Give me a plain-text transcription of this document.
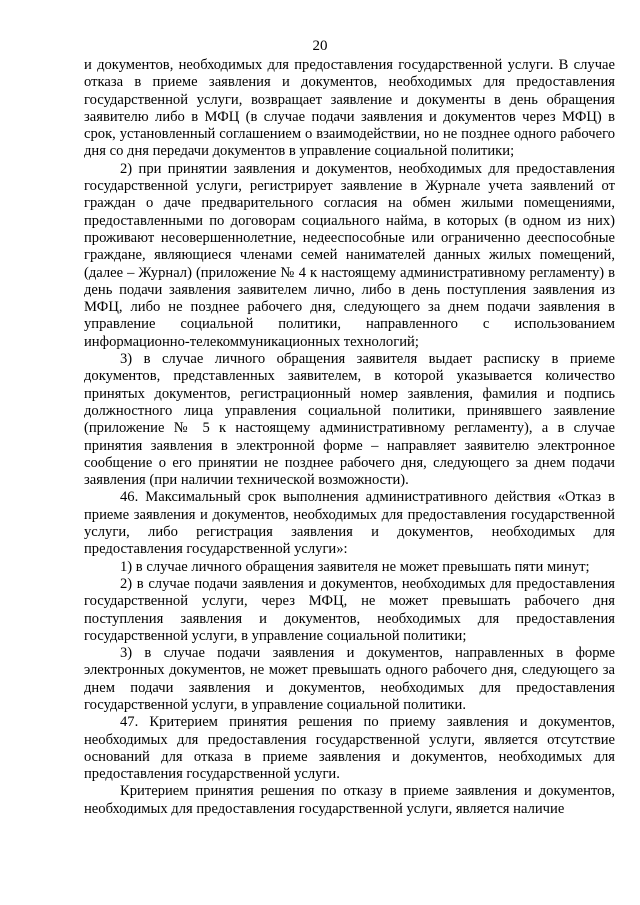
20

и документов, необходимых для предоставления государственной услуги. В случае отказа в приеме заявления и документов, необходимых для предоставления государственной услуги, возвращает заявление и документы в день обращения заявителю либо в МФЦ (в случае подачи заявления и документов через МФЦ) в срок, установленный соглашением о взаимодействии, но не позднее одного рабочего дня со дня передачи документов в управление социальной политики;

2) при принятии заявления и документов, необходимых для предоставления государственной услуги, регистрирует заявление в Журнале учета заявлений от граждан о даче предварительного согласия на обмен жилыми помещениями, предоставленными по договорам социального найма, в которых (в одном из них) проживают несовершеннолетние, недееспособные или ограниченно дееспособные граждане, являющиеся членами семей нанимателей данных жилых помещений,(далее – Журнал) (приложение № 4 к настоящему административному регламенту) в день подачи заявления заявителем лично, либо в день поступления заявления из МФЦ, либо не позднее рабочего дня, следующего за днем подачи заявления в управление социальной политики, направленного с использованием информационно-телекоммуникационных технологий;

3) в случае личного обращения заявителя выдает расписку в приеме документов, представленных заявителем, в которой указывается количество принятых документов, регистрационный номер заявления, фамилия и подпись должностного лица управления социальной политики, принявшего заявление (приложение № 5 к настоящему административному регламенту), а в случае принятия заявления в электронной форме – направляет заявителю электронное сообщение о его принятии не позднее рабочего дня, следующего за днем подачи заявления (при наличии технической возможности).

46. Максимальный срок выполнения административного действия «Отказ в приеме заявления и документов, необходимых для предоставления государственной услуги, либо регистрация заявления и документов, необходимых для предоставления государственной услуги»:

1) в случае личного обращения заявителя не может превышать пяти минут;

2) в случае подачи заявления и документов, необходимых для предоставления государственной услуги, через МФЦ, не может превышать рабочего дня поступления заявления и документов, необходимых для предоставления государственной услуги, в управление социальной политики;

3) в случае подачи заявления и документов, направленных в форме электронных документов, не может превышать одного рабочего дня, следующего за днем подачи заявления и документов, необходимых для предоставления государственной услуги, в управление социальной политики.

47. Критерием принятия решения по приему заявления и документов, необходимых для предоставления государственной услуги, является отсутствие оснований для отказа в приеме заявления и документов, необходимых для предоставления государственной услуги.

Критерием принятия решения по отказу в приеме заявления и документов, необходимых для предоставления государственной услуги, является наличие
